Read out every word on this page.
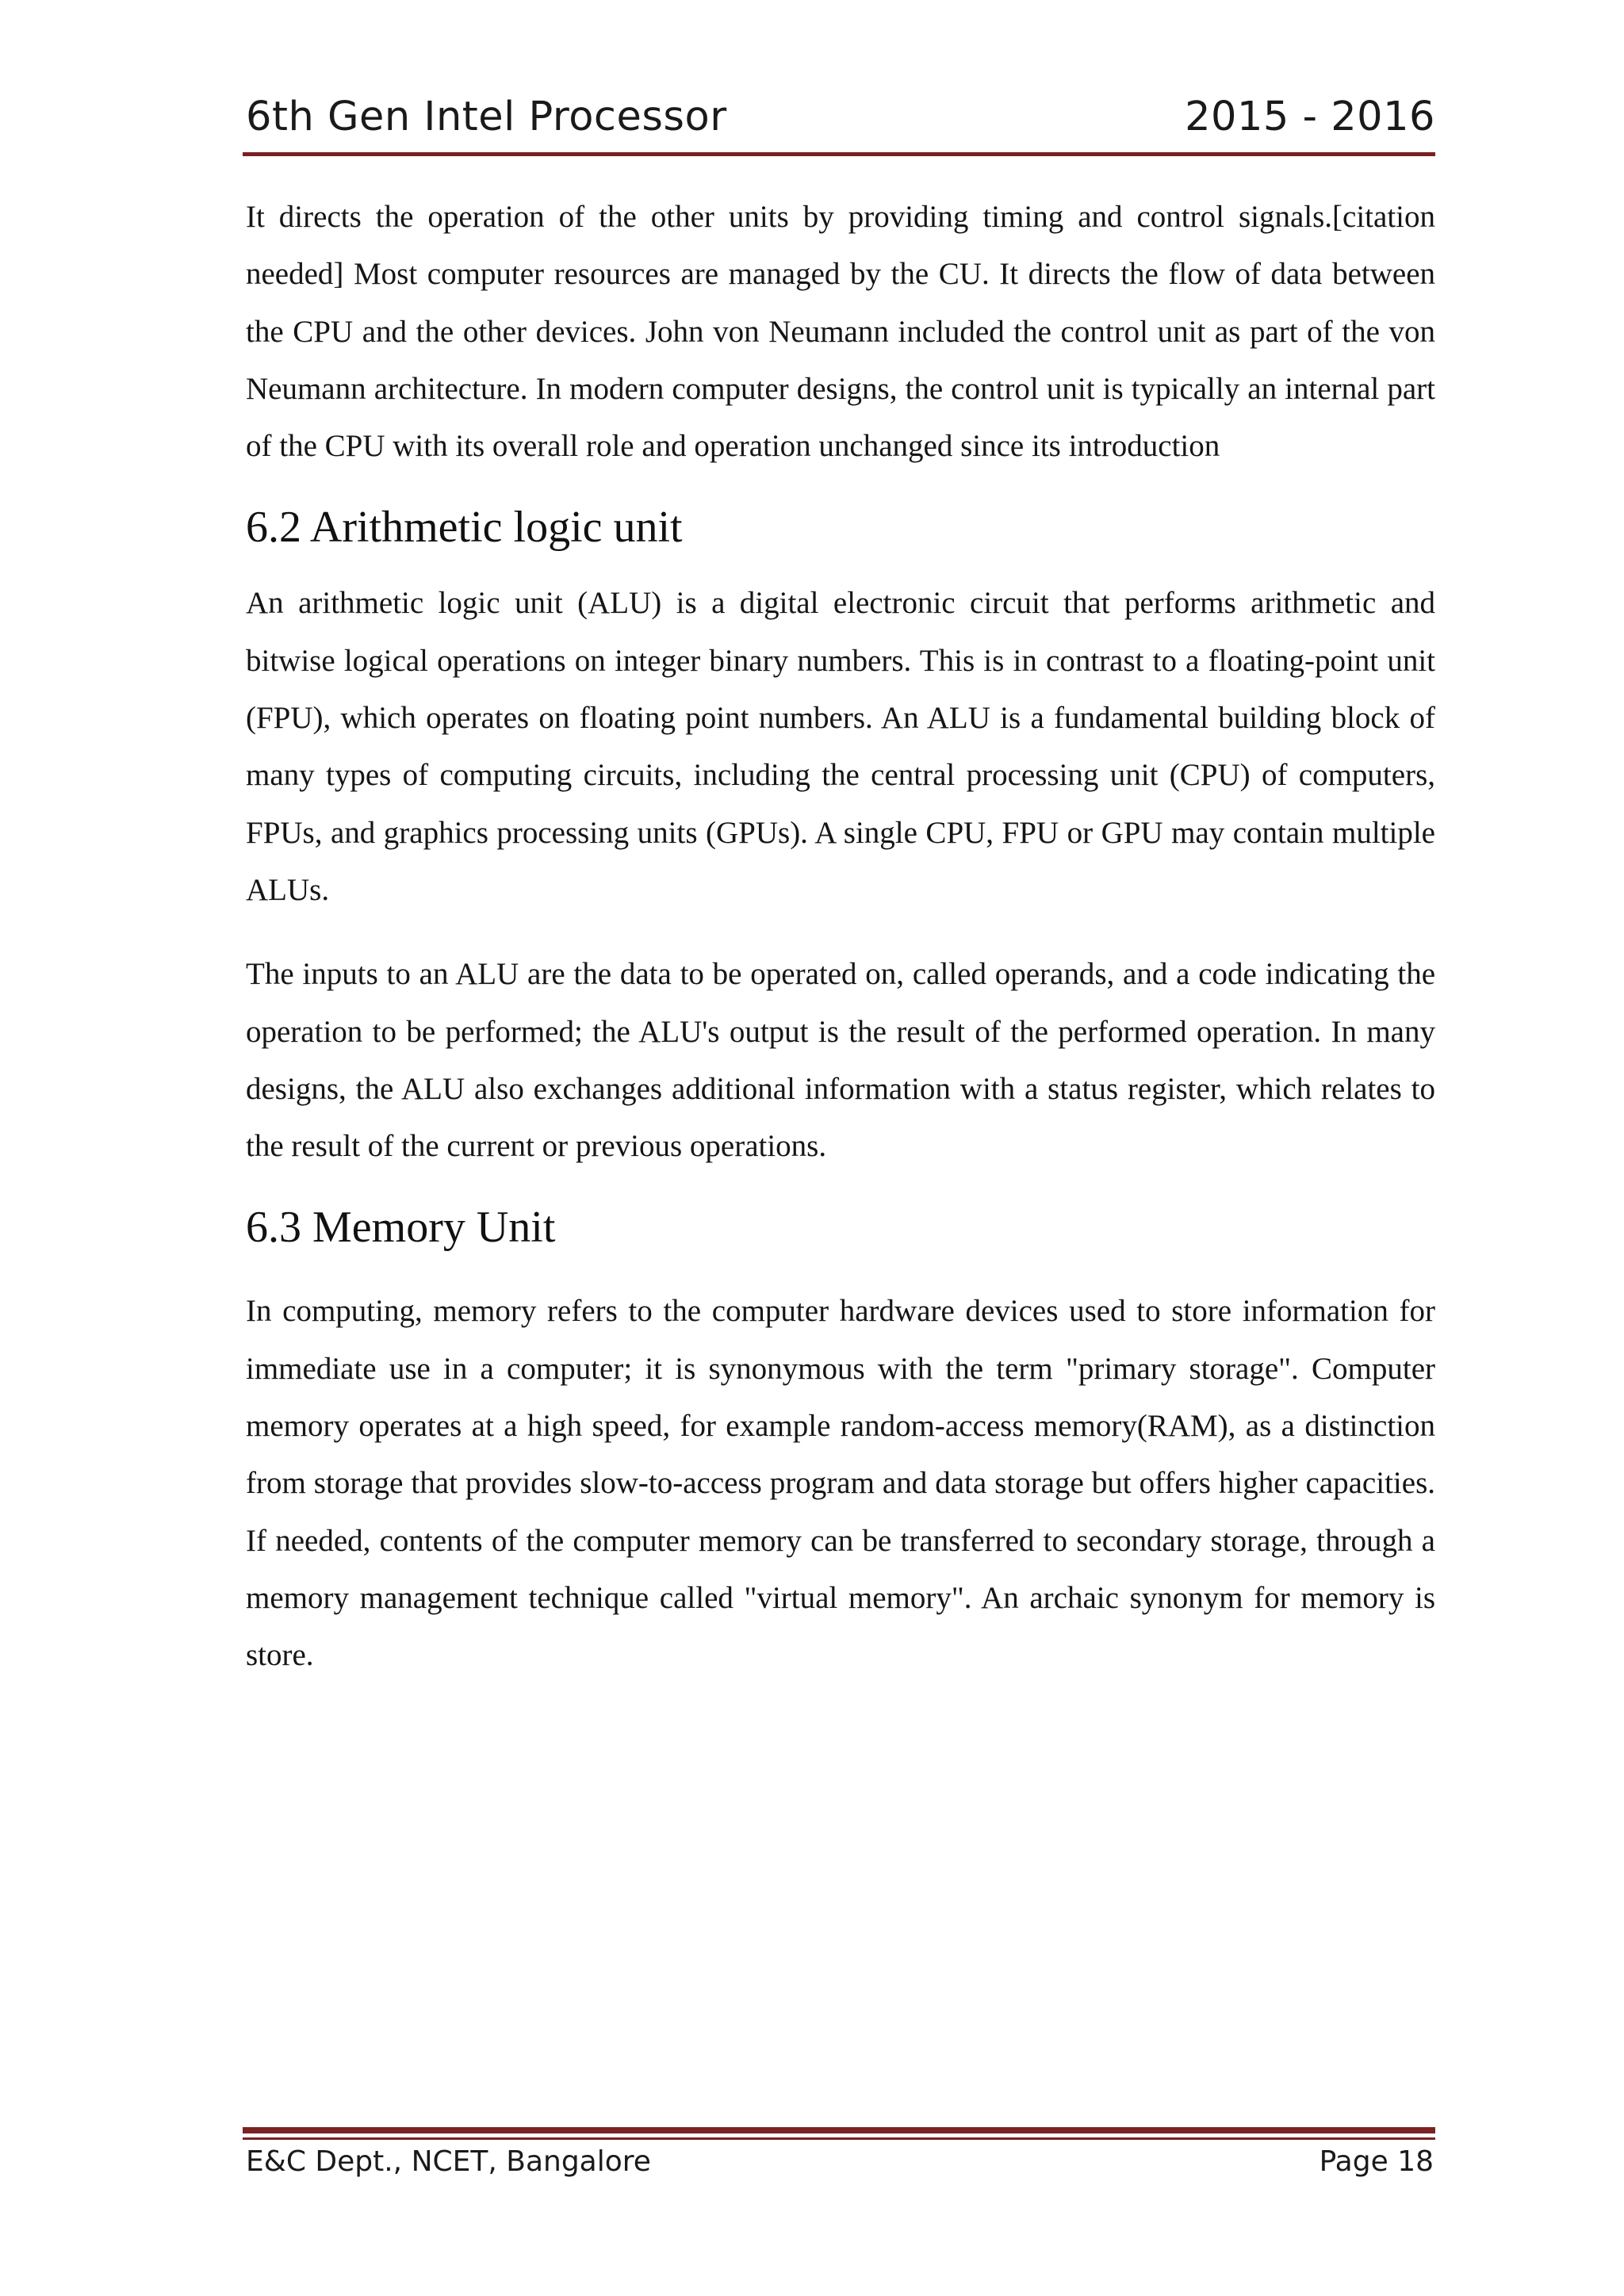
6th Gen Intel Processor	2015 - 2016

It directs the operation of the other units by providing timing and control signals.[citation needed] Most computer resources are managed by the CU. It directs the flow of data between the CPU and the other devices. John von Neumann included the control unit as part of the von Neumann architecture. In modern computer designs, the control unit is typically an internal part of the CPU with its overall role and operation unchanged since its introduction

6.2 Arithmetic logic unit

An arithmetic logic unit (ALU) is a digital electronic circuit that performs arithmetic and bitwise logical operations on integer binary numbers. This is in contrast to a floating-point unit (FPU), which operates on floating point numbers. An ALU is a fundamental building block of many types of computing circuits, including the central processing unit (CPU) of computers, FPUs, and graphics processing units (GPUs). A single CPU, FPU or GPU may contain multiple ALUs.

The inputs to an ALU are the data to be operated on, called operands, and a code indicating the operation to be performed; the ALU's output is the result of the performed operation. In many designs, the ALU also exchanges additional information with a status register, which relates to the result of the current or previous operations.

6.3 Memory Unit

In computing, memory refers to the computer hardware devices used to store information for immediate use in a computer; it is synonymous with the term "primary storage". Computer memory operates at a high speed, for example random-access memory(RAM), as a distinction from storage that provides slow-to-access program and data storage but offers higher capacities. If needed, contents of the computer memory can be transferred to secondary storage, through a memory management technique called "virtual memory". An archaic synonym for memory is store.

E&C Dept., NCET, Bangalore	Page 18
